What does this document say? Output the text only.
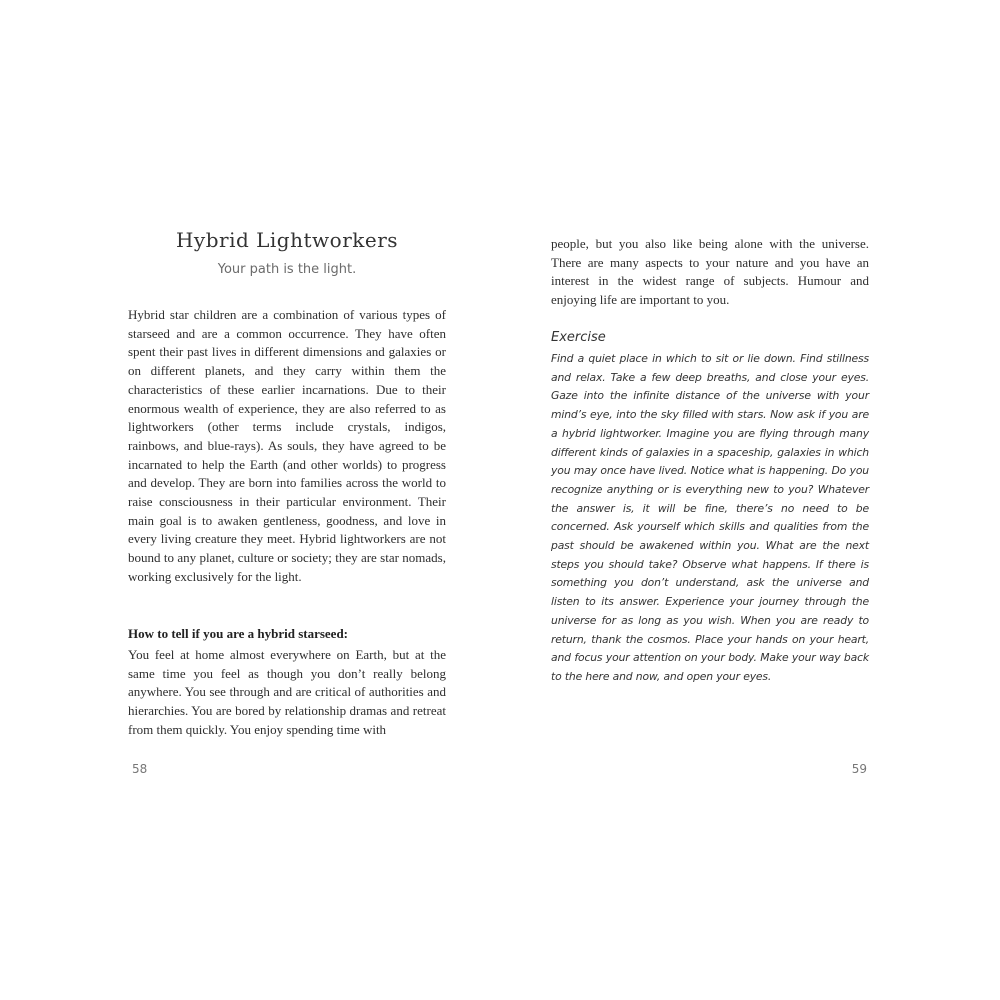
Hybrid Lightworkers

Your path is the light.

Hybrid star children are a combination of various types of starseed and are a common occurrence. They have often spent their past lives in different dimensions and galaxies or on different planets, and they carry within them the characteristics of these earlier incarnations. Due to their enormous wealth of experience, they are also referred to as lightworkers (other terms include crystals, indigos, rainbows, and blue-rays). As souls, they have agreed to be incarnated to help the Earth (and other worlds) to progress and develop. They are born into families across the world to raise consciousness in their particular environment. Their main goal is to awaken gentleness, goodness, and love in every living creature they meet. Hybrid lightworkers are not bound to any planet, culture or society; they are star nomads, working exclusively for the light.

How to tell if you are a hybrid starseed:

You feel at home almost everywhere on Earth, but at the same time you feel as though you don’t really belong anywhere. You see through and are critical of authorities and hierarchies. You are bored by relationship dramas and retreat from them quickly. You enjoy spending time with

58

people, but you also like being alone with the universe. There are many aspects to your nature and you have an interest in the widest range of subjects. Humour and enjoying life are important to you.

Exercise

Find a quiet place in which to sit or lie down. Find stillness and relax. Take a few deep breaths, and close your eyes. Gaze into the infinite distance of the universe with your mind’s eye, into the sky filled with stars. Now ask if you are a hybrid lightworker. Imagine you are flying through many different kinds of galaxies in a spaceship, galaxies in which you may once have lived. Notice what is happening. Do you recognize anything or is everything new to you? Whatever the answer is, it will be fine, there’s no need to be concerned. Ask yourself which skills and qualities from the past should be awakened within you. What are the next steps you should take? Observe what happens. If there is something you don’t understand, ask the universe and listen to its answer. Experience your journey through the universe for as long as you wish. When you are ready to return, thank the cosmos. Place your hands on your heart, and focus your attention on your body. Make your way back to the here and now, and open your eyes.

59
